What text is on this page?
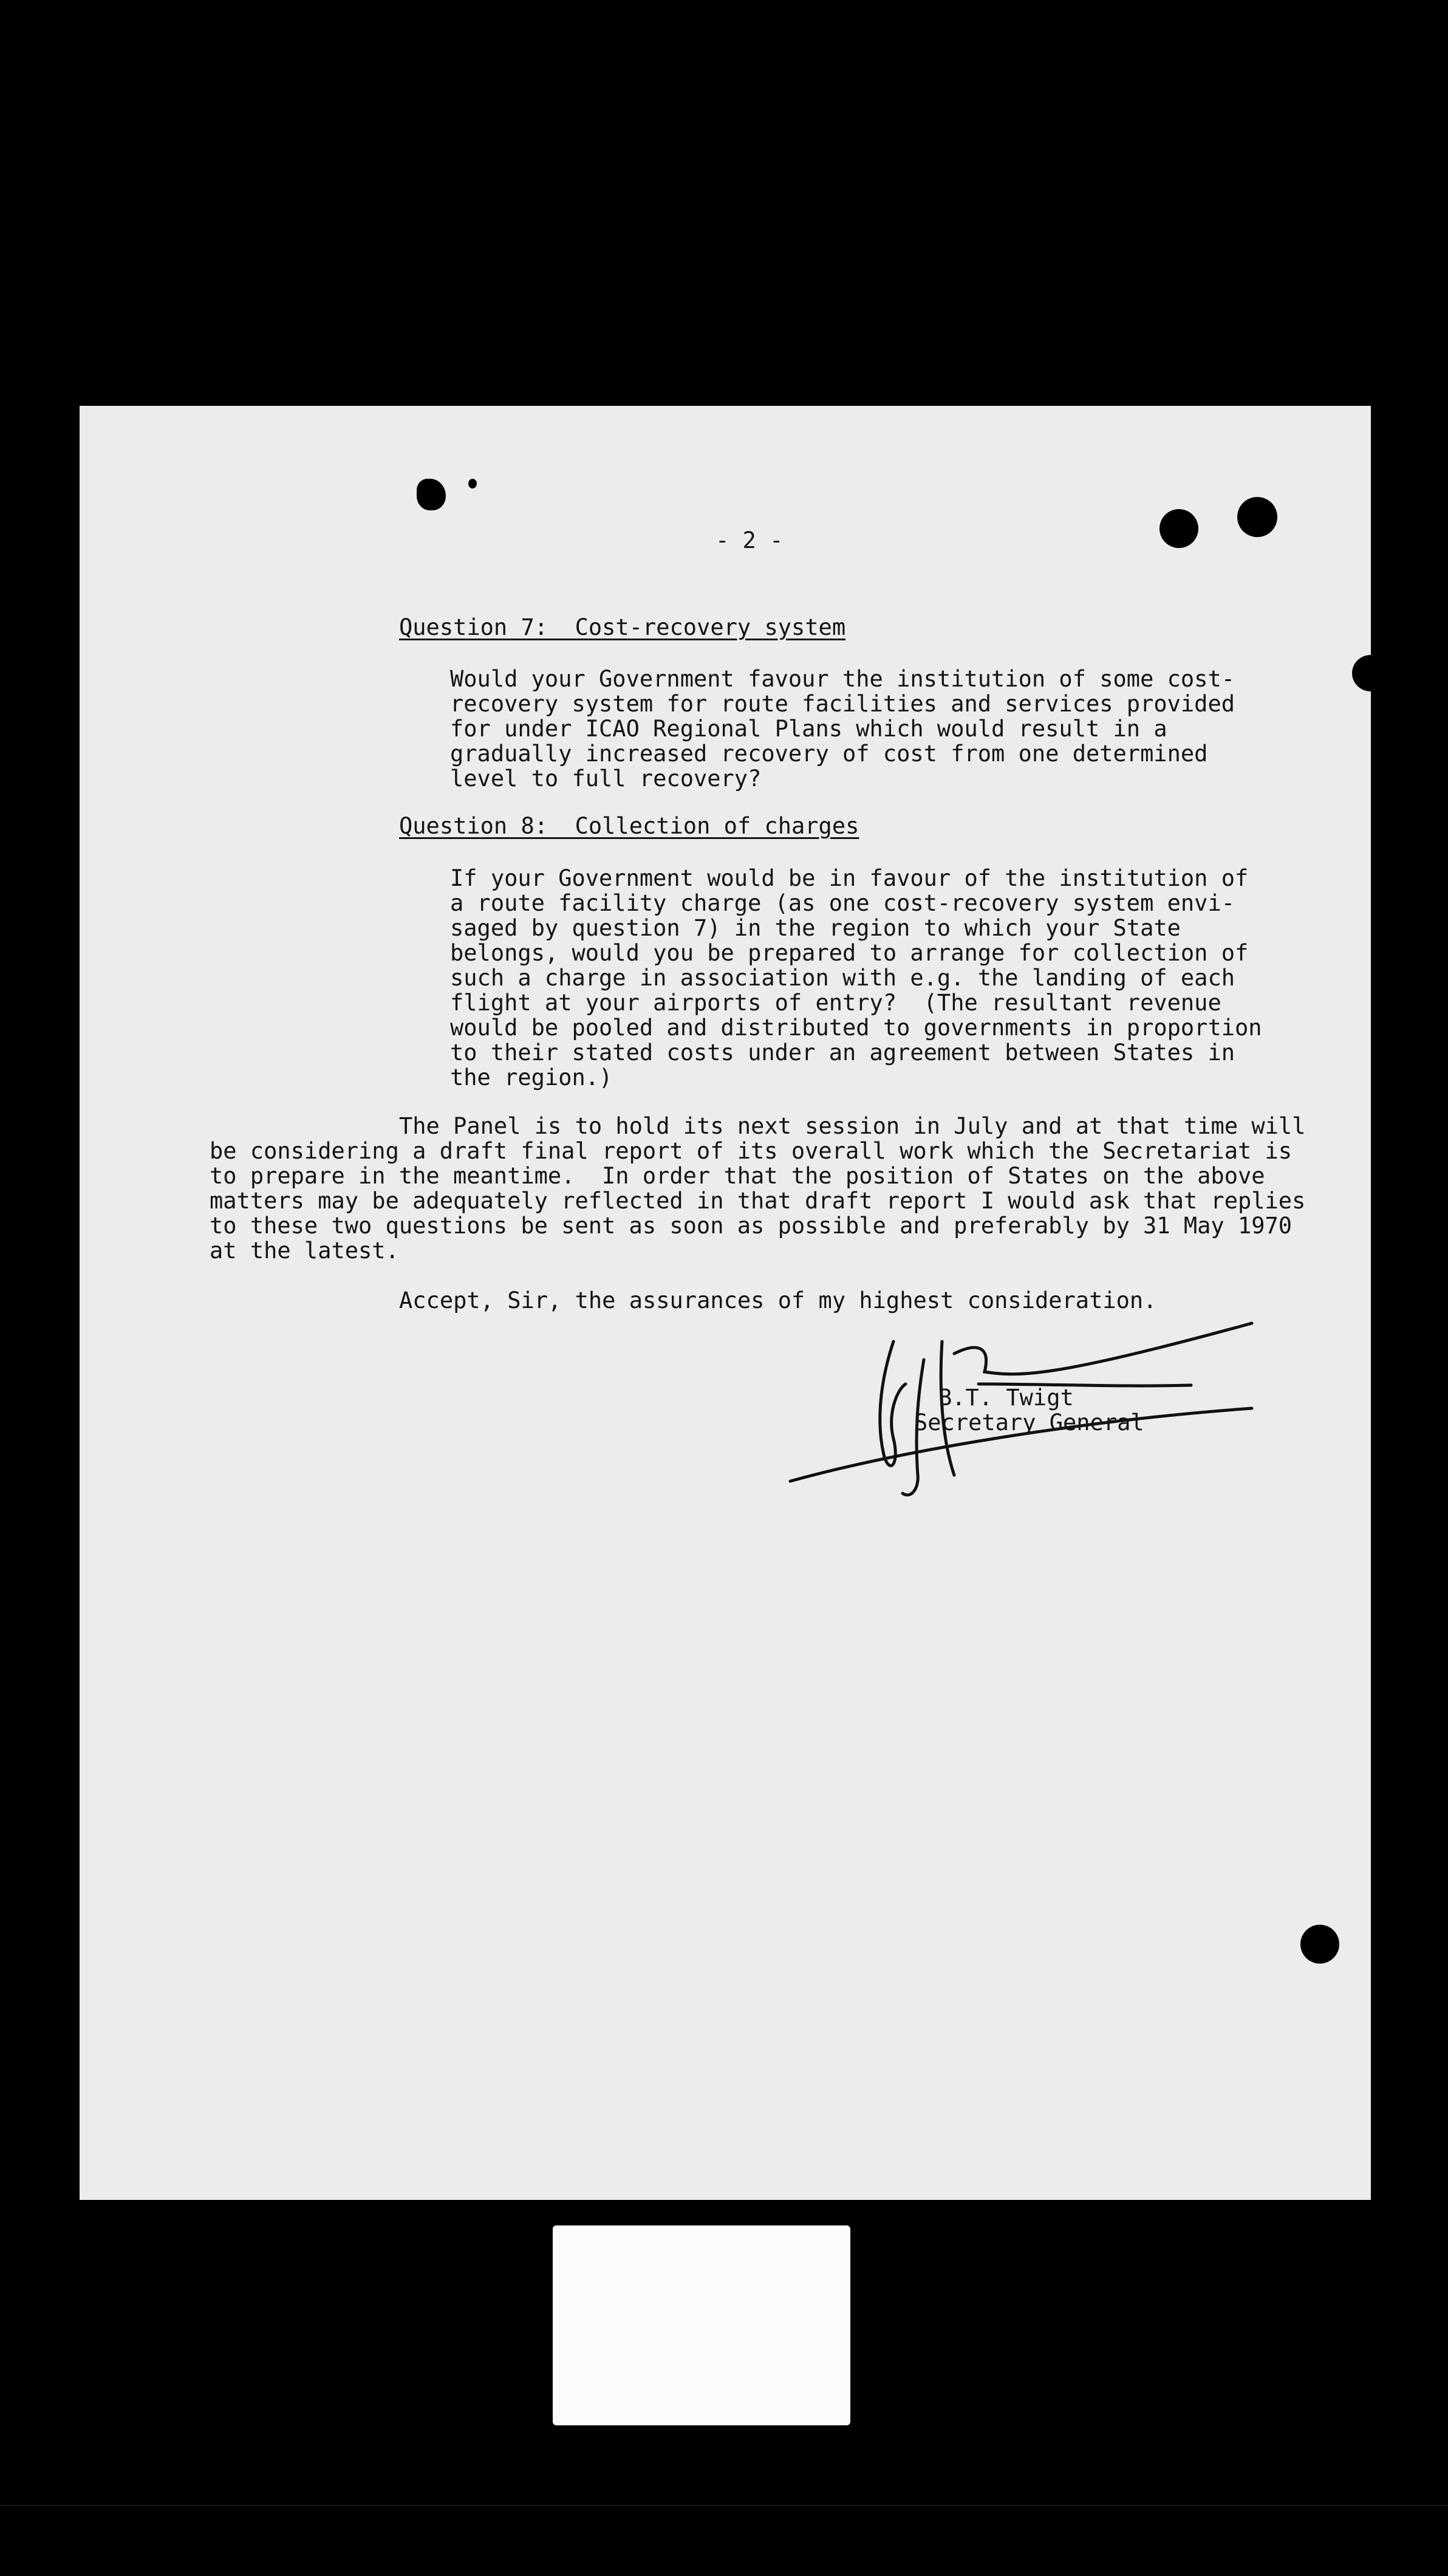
- 2 -
Question 7:  Cost-recovery system
Would your Government favour the institution of some cost-
recovery system for route facilities and services provided
for under ICAO Regional Plans which would result in a
gradually increased recovery of cost from one determined
level to full recovery?
Question 8:  Collection of charges
If your Government would be in favour of the institution of
a route facility charge (as one cost-recovery system envi-
saged by question 7) in the region to which your State
belongs, would you be prepared to arrange for collection of
such a charge in association with e.g. the landing of each
flight at your airports of entry?  (The resultant revenue
would be pooled and distributed to governments in proportion
to their stated costs under an agreement between States in
the region.)
The Panel is to hold its next session in July and at that time will
be considering a draft final report of its overall work which the Secretariat is
to prepare in the meantime.  In order that the position of States on the above
matters may be adequately reflected in that draft report I would ask that replies
to these two questions be sent as soon as possible and preferably by 31 May 1970
at the latest.
Accept, Sir, the assurances of my highest consideration.
B.T. Twigt
Secretary General
